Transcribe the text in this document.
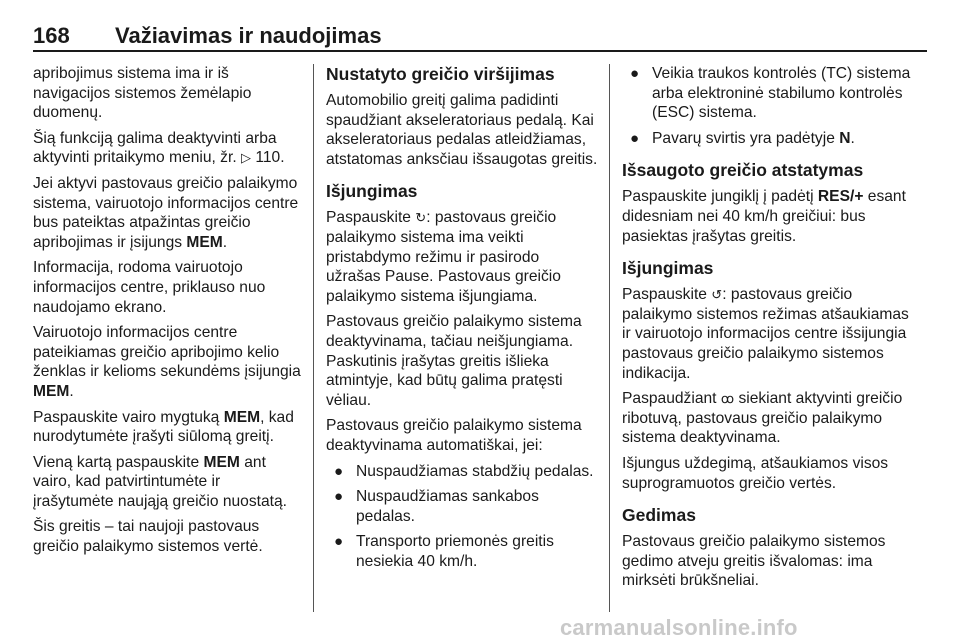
168 Važiavimas ir naudojimas

apribojimus sistema ima ir iš navigacijos sistemos žemėlapio duomenų.

Šią funkciją galima deaktyvinti arba aktyvinti pritaikymo meniu, žr. ▷ 110.

Jei aktyvi pastovaus greičio palaikymo sistema, vairuotojo informacijos centre bus pateiktas atpažintas greičio apribojimas ir įsijungs MEM.

Informacija, rodoma vairuotojo informacijos centre, priklauso nuo naudojamo ekrano.

Vairuotojo informacijos centre pateikiamas greičio apribojimo kelio ženklas ir kelioms sekundėms įsijungia MEM.

Paspauskite vairo mygtuką MEM, kad nurodytumėte įrašyti siūlomą greitį.

Vieną kartą paspauskite MEM ant vairo, kad patvirtintumėte ir įrašytumėte naująją greičio nuostatą.

Šis greitis – tai naujoji pastovaus greičio palaikymo sistemos vertė.

Nustatyto greičio viršijimas

Automobilio greitį galima padidinti spaudžiant akseleratoriaus pedalą. Kai akseleratoriaus pedalas atleidžiamas, atstatomas anksčiau išsaugotas greitis.

Išjungimas

Paspauskite ↻: pastovaus greičio palaikymo sistema ima veikti pristabdymo režimu ir pasirodo užrašas Pause. Pastovaus greičio palaikymo sistema išjungiama.

Pastovaus greičio palaikymo sistema deaktyvinama, tačiau neišjungiama. Paskutinis įrašytas greitis išlieka atmintyje, kad būtų galima pratęsti vėliau.

Pastovaus greičio palaikymo sistema deaktyvinama automatiškai, jei:

● Nuspaudžiamas stabdžių pedalas.
● Nuspaudžiamas sankabos pedalas.
● Transporto priemonės greitis nesiekia 40 km/h.
● Veikia traukos kontrolės (TC) sistema arba elektroninė stabilumo kontrolės (ESC) sistema.
● Pavarų svirtis yra padėtyje N.
Išsaugoto greičio atstatymas

Paspauskite jungiklį į padėtį RES/+ esant didesniam nei 40 km/h greičiui: bus pasiektas įrašytas greitis.

Išjungimas

Paspauskite ↺: pastovaus greičio palaikymo sistemos režimas atšaukiamas ir vairuotojo informacijos centre išsijungia pastovaus greičio palaikymo sistemos indikacija.

Paspaudžiant ꝏ siekiant aktyvinti greičio ribotuvą, pastovaus greičio palaikymo sistema deaktyvinama.

Išjungus uždegimą, atšaukiamos visos suprogramuotos greičio vertės.

Gedimas

Pastovaus greičio palaikymo sistemos gedimo atveju greitis išvalomas: ima mirksėti brūkšneliai.

carmanualsonline.info
